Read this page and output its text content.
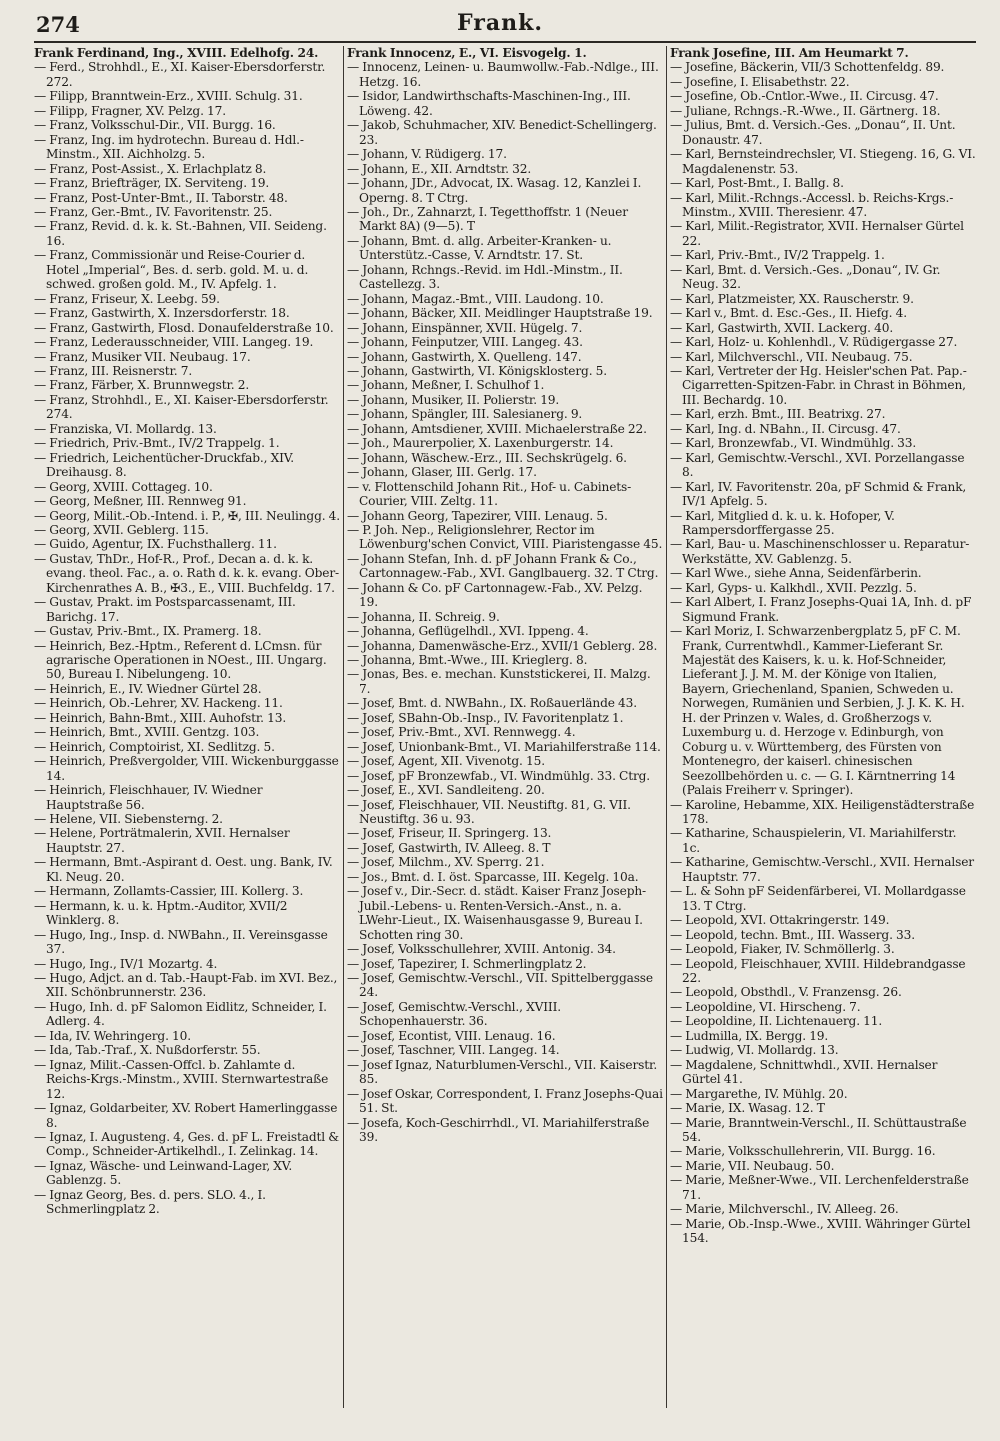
274	Frank.
Frank Ferdinand, Ing., XVIII. Edelhofg. 24.
— Ferd., Strohhdl., E., XI. Kaiser-Ebersdorferstr. 272.
— Filipp, Branntwein-Erz., XVIII. Schulg. 31.
— Filipp, Fragner, XV. Pelzg. 17.
— Franz, Volksschul-Dir., VII. Burgg. 16.
— Franz, Ing. im hydrotechn. Bureau d. Hdl.-Minstm., XII. Aichholzg. 5.
— Franz, Post-Assist., X. Erlachplatz 8.
— Franz, Briefträger, IX. Serviteng. 19.
— Franz, Post-Unter-Bmt., II. Taborstr. 48.
— Franz, Ger.-Bmt., IV. Favoritenstr. 25.
— Franz, Revid. d. k. k. St.-Bahnen, VII. Seideng. 16.
— Franz, Commissionär und Reise-Courier d. Hotel „Imperial“, Bes. d. serb. gold. M. u. d. schwed. großen gold. M., IV. Apfelg. 1.
— Franz, Friseur, X. Leebg. 59.
— Franz, Gastwirth, X. Inzersdorferstr. 18.
— Franz, Gastwirth, Flosd. Donaufelderstraße 10.
— Franz, Lederausschneider, VIII. Langeg. 19.
— Franz, Musiker VII. Neubaug. 17.
— Franz, III. Reisnerstr. 7.
— Franz, Färber, X. Brunnwegstr. 2.
— Franz, Strohhdl., E., XI. Kaiser-Ebersdorferstr. 274.
— Franziska, VI. Mollardg. 13.
— Friedrich, Priv.-Bmt., IV/2 Trappelg. 1.
— Friedrich, Leichentücher-Druckfab., XIV. Dreihausg. 8.
— Georg, XVIII. Cottageg. 10.
— Georg, Meßner, III. Rennweg 91.
— Georg, Milit.-Ob.-Intend. i. P., ✠, III. Neulingg. 4.
— Georg, XVII. Geblerg. 115.
— Guido, Agentur, IX. Fuchsthallerg. 11.
— Gustav, ThDr., Hof-R., Prof., Decan a. d. k. k. evang. theol. Fac., a. o. Rath d. k. k. evang. Ober-Kirchenrathes A. B., ✠3., E., VIII. Buchfeldg. 17.
— Gustav, Prakt. im Postsparcassenamt, III. Barichg. 17.
— Gustav, Priv.-Bmt., IX. Pramerg. 18.
— Heinrich, Bez.-Hptm., Referent d. LCmsn. für agrarische Operationen in NOest., III. Ungarg. 50, Bureau I. Nibelungeng. 10.
— Heinrich, E., IV. Wiedner Gürtel 28.
— Heinrich, Ob.-Lehrer, XV. Hackeng. 11.
— Heinrich, Bahn-Bmt., XIII. Auhofstr. 13.
— Heinrich, Bmt., XVIII. Gentzg. 103.
— Heinrich, Comptoirist, XI. Sedlitzg. 5.
— Heinrich, Preßvergolder, VIII. Wickenburggasse 14.
— Heinrich, Fleischhauer, IV. Wiedner Hauptstraße 56.
— Helene, VII. Siebensterng. 2.
— Helene, Porträtmalerin, XVII. Hernalser Hauptstr. 27.
— Hermann, Bmt.-Aspirant d. Oest. ung. Bank, IV. Kl. Neug. 20.
— Hermann, Zollamts-Cassier, III. Kollerg. 3.
— Hermann, k. u. k. Hptm.-Auditor, XVII/2 Winklerg. 8.
— Hugo, Ing., Insp. d. NWBahn., II. Vereinsgasse 37.
— Hugo, Ing., IV/1 Mozartg. 4.
— Hugo, Adjct. an d. Tab.-Haupt-Fab. im XVI. Bez., XII. Schönbrunnerstr. 236.
— Hugo, Inh. d. pF Salomon Eidlitz, Schneider, I. Adlerg. 4.
— Ida, IV. Wehringerg. 10.
— Ida, Tab.-Traf., X. Nußdorferstr. 55.
— Ignaz, Milit.-Cassen-Offcl. b. Zahlamte d. Reichs-Krgs.-Minstm., XVIII. Sternwartestraße 12.
— Ignaz, Goldarbeiter, XV. Robert Hamerlinggasse 8.
— Ignaz, I. Augusteng. 4, Ges. d. pF L. Freistadtl & Comp., Schneider-Artikelhdl., I. Zelinkag. 14.
— Ignaz, Wäsche- und Leinwand-Lager, XV. Gablenzg. 5.
— Ignaz Georg, Bes. d. pers. SLO. 4., I. Schmerlingplatz 2.
Frank Innocenz, E., VI. Eisvogelg. 1.
— Innocenz, Leinen- u. Baumwollw.-Fab.-Ndlge., III. Hetzg. 16.
— Isidor, Landwirthschafts-Maschinen-Ing., III. Löweng. 42.
— Jakob, Schuhmacher, XIV. Benedict-Schellingerg. 23.
— Johann, V. Rüdigerg. 17.
— Johann, E., XII. Arndtstr. 32.
— Johann, JDr., Advocat, IX. Wasag. 12, Kanzlei I. Operng. 8. T Ctrg.
— Joh., Dr., Zahnarzt, I. Tegetthoffstr. 1 (Neuer Markt 8A) (9—5). T
— Johann, Bmt. d. allg. Arbeiter-Kranken- u. Unterstütz.-Casse, V. Arndtstr. 17. St.
— Johann, Rchngs.-Revid. im Hdl.-Minstm., II. Castellezg. 3.
— Johann, Magaz.-Bmt., VIII. Laudong. 10.
— Johann, Bäcker, XII. Meidlinger Hauptstraße 19.
— Johann, Einspänner, XVII. Hügelg. 7.
— Johann, Feinputzer, VIII. Langeg. 43.
— Johann, Gastwirth, X. Quelleng. 147.
— Johann, Gastwirth, VI. Königsklosterg. 5.
— Johann, Meßner, I. Schulhof 1.
— Johann, Musiker, II. Polierstr. 19.
— Johann, Spängler, III. Salesianerg. 9.
— Johann, Amtsdiener, XVIII. Michaelerstraße 22.
— Joh., Maurerpolier, X. Laxenburgerstr. 14.
— Johann, Wäschew.-Erz., III. Sechskrügelg. 6.
— Johann, Glaser, III. Gerlg. 17.
— v. Flottenschild Johann Rit., Hof- u. Cabinets-Courier, VIII. Zeltg. 11.
— Johann Georg, Tapezirer, VIII. Lenaug. 5.
— P. Joh. Nep., Religionslehrer, Rector im Löwenburg'schen Convict, VIII. Piaristengasse 45.
— Johann Stefan, Inh. d. pF Johann Frank & Co., Cartonnagew.-Fab., XVI. Ganglbauerg. 32. T Ctrg.
— Johann & Co. pF Cartonnagew.-Fab., XV. Pelzg. 19.
— Johanna, II. Schreig. 9.
— Johanna, Geflügelhdl., XVI. Ippeng. 4.
— Johanna, Damenwäsche-Erz., XVII/1 Geblerg. 28.
— Johanna, Bmt.-Wwe., III. Krieglerg. 8.
— Jonas, Bes. e. mechan. Kunststickerei, II. Malzg. 7.
— Josef, Bmt. d. NWBahn., IX. Roßauerlände 43.
— Josef, SBahn-Ob.-Insp., IV. Favoritenplatz 1.
— Josef, Priv.-Bmt., XVI. Rennwegg. 4.
— Josef, Unionbank-Bmt., VI. Mariahilferstraße 114.
— Josef, Agent, XII. Vivenotg. 15.
— Josef, pF Bronzewfab., VI. Windmühlg. 33. Ctrg.
— Josef, E., XVI. Sandleiteng. 20.
— Josef, Fleischhauer, VII. Neustiftg. 81, G. VII. Neustiftg. 36 u. 93.
— Josef, Friseur, II. Springerg. 13.
— Josef, Gastwirth, IV. Alleeg. 8. T
— Josef, Milchm., XV. Sperrg. 21.
— Jos., Bmt. d. I. öst. Sparcasse, III. Kegelg. 10a.
— Josef v., Dir.-Secr. d. städt. Kaiser Franz Joseph-Jubil.-Lebens- u. Renten-Versich.-Anst., n. a. LWehr-Lieut., IX. Waisenhausgasse 9, Bureau I. Schotten ring 30.
— Josef, Volksschullehrer, XVIII. Antonig. 34.
— Josef, Tapezirer, I. Schmerlingplatz 2.
— Josef, Gemischtw.-Verschl., VII. Spittelberggasse 24.
— Josef, Gemischtw.-Verschl., XVIII. Schopenhauerstr. 36.
— Josef, Econtist, VIII. Lenaug. 16.
— Josef, Taschner, VIII. Langeg. 14.
— Josef Ignaz, Naturblumen-Verschl., VII. Kaiserstr. 85.
— Josef Oskar, Correspondent, I. Franz Josephs-Quai 51. St.
— Josefa, Koch-Geschirrhdl., VI. Mariahilferstraße 39.
Frank Josefine, III. Am Heumarkt 7.
— Josefine, Bäckerin, VII/3 Schottenfeldg. 89.
— Josefine, I. Elisabethstr. 22.
— Josefine, Ob.-Cntlor.-Wwe., II. Circusg. 47.
— Juliane, Rchngs.-R.-Wwe., II. Gärtnerg. 18.
— Julius, Bmt. d. Versich.-Ges. „Donau“, II. Unt. Donaustr. 47.
— Karl, Bernsteindrechsler, VI. Stiegeng. 16, G. VI. Magdalenenstr. 53.
— Karl, Post-Bmt., I. Ballg. 8.
— Karl, Milit.-Rchngs.-Accessl. b. Reichs-Krgs.-Minstm., XVIII. Theresienr. 47.
— Karl, Milit.-Registrator, XVII. Hernalser Gürtel 22.
— Karl, Priv.-Bmt., IV/2 Trappelg. 1.
— Karl, Bmt. d. Versich.-Ges. „Donau“, IV. Gr. Neug. 32.
— Karl, Platzmeister, XX. Rauscherstr. 9.
— Karl v., Bmt. d. Esc.-Ges., II. Hiefg. 4.
— Karl, Gastwirth, XVII. Lackerg. 40.
— Karl, Holz- u. Kohlenhdl., V. Rüdigergasse 27.
— Karl, Milchverschl., VII. Neubaug. 75.
— Karl, Vertreter der Hg. Heisler'schen Pat. Pap.-Cigarretten-Spitzen-Fabr. in Chrast in Böhmen, III. Bechardg. 10.
— Karl, erzh. Bmt., III. Beatrixg. 27.
— Karl, Ing. d. NBahn., II. Circusg. 47.
— Karl, Bronzewfab., VI. Windmühlg. 33.
— Karl, Gemischtw.-Verschl., XVI. Porzellangasse 8.
— Karl, IV. Favoritenstr. 20a, pF Schmid & Frank, IV/1 Apfelg. 5.
— Karl, Mitglied d. k. u. k. Hofoper, V. Rampersdorffergasse 25.
— Karl, Bau- u. Maschinenschlosser u. Reparatur-Werkstätte, XV. Gablenzg. 5.
— Karl Wwe., siehe Anna, Seidenfärberin.
— Karl, Gyps- u. Kalkhdl., XVII. Pezzlg. 5.
— Karl Albert, I. Franz Josephs-Quai 1A, Inh. d. pF Sigmund Frank.
— Karl Moriz, I. Schwarzenbergplatz 5, pF C. M. Frank, Currentwhdl., Kammer-Lieferant Sr. Majestät des Kaisers, k. u. k. Hof-Schneider, Lieferant J. J. M. M. der Könige von Italien, Bayern, Griechenland, Spanien, Schweden u. Norwegen, Rumänien und Serbien, J. J. K. K. H. H. der Prinzen v. Wales, d. Großherzogs v. Luxemburg u. d. Herzoge v. Edinburgh, von Coburg u. v. Württemberg, des Fürsten von Montenegro, der kaiserl. chinesischen Seezollbehörden u. c. — G. I. Kärntnerring 14 (Palais Freiherr v. Springer).
— Karoline, Hebamme, XIX. Heiligenstädterstraße 178.
— Katharine, Schauspielerin, VI. Mariahilferstr. 1c.
— Katharine, Gemischtw.-Verschl., XVII. Hernalser Hauptstr. 77.
— L. & Sohn pF Seidenfärberei, VI. Mollardgasse 13. T Ctrg.
— Leopold, XVI. Ottakringerstr. 149.
— Leopold, techn. Bmt., III. Wasserg. 33.
— Leopold, Fiaker, IV. Schmöllerlg. 3.
— Leopold, Fleischhauer, XVIII. Hildebrandgasse 22.
— Leopold, Obsthdl., V. Franzensg. 26.
— Leopoldine, VI. Hirscheng. 7.
— Leopoldine, II. Lichtenauerg. 11.
— Ludmilla, IX. Bergg. 19.
— Ludwig, VI. Mollardg. 13.
— Magdalene, Schnittwhdl., XVII. Hernalser Gürtel 41.
— Margarethe, IV. Mühlg. 20.
— Marie, IX. Wasag. 12. T
— Marie, Branntwein-Verschl., II. Schüttaustraße 54.
— Marie, Volksschullehrerin, VII. Burgg. 16.
— Marie, VII. Neubaug. 50.
— Marie, Meßner-Wwe., VII. Lerchenfelderstraße 71.
— Marie, Milchverschl., IV. Alleeg. 26.
— Marie, Ob.-Insp.-Wwe., XVIII. Währinger Gürtel 154.
